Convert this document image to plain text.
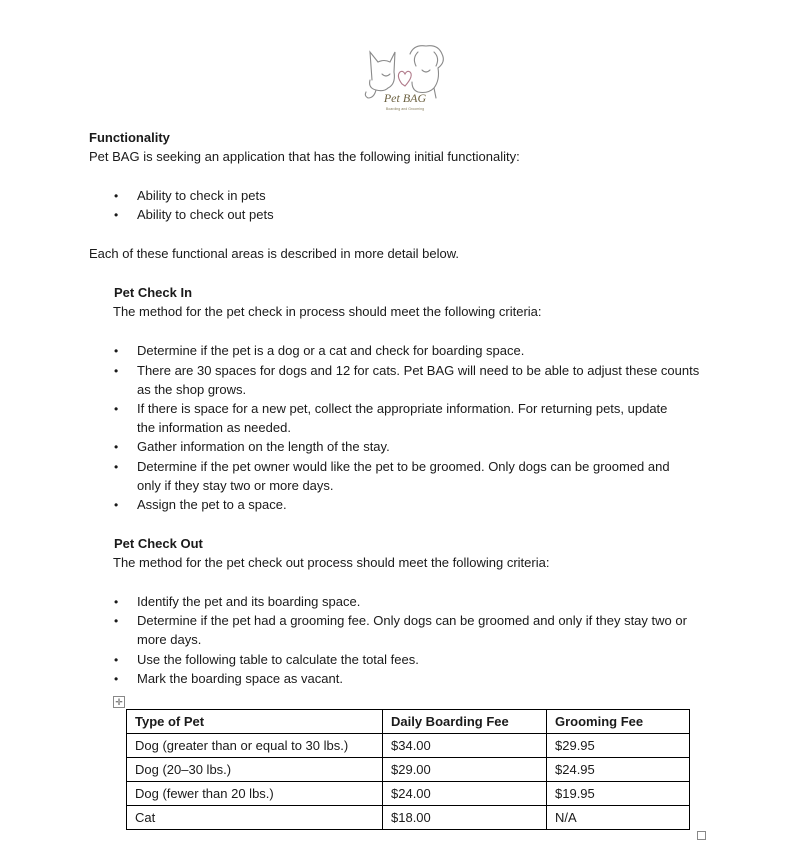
Pet BAG
Boarding and Grooming
Functionality
Pet BAG is seeking an application that has the following initial functionality:
• Ability to check in pets
• Ability to check out pets
Each of these functional areas is described in more detail below.
Pet Check In
The method for the pet check in process should meet the following criteria:
• Determine if the pet is a dog or a cat and check for boarding space.
• There are 30 spaces for dogs and 12 for cats. Pet BAG will need to be able to adjust these counts
as the shop grows.
• If there is space for a new pet, collect the appropriate information. For returning pets, update
the information as needed.
• Gather information on the length of the stay.
• Determine if the pet owner would like the pet to be groomed. Only dogs can be groomed and
only if they stay two or more days.
• Assign the pet to a space.
Pet Check Out
The method for the pet check out process should meet the following criteria:
• Identify the pet and its boarding space.
• Determine if the pet had a grooming fee. Only dogs can be groomed and only if they stay two or
more days.
• Use the following table to calculate the total fees.
• Mark the boarding space as vacant.
✛
Type of Pet	Daily Boarding Fee	Grooming Fee
Dog (greater than or equal to 30 lbs.)	$34.00	$29.95
Dog (20–30 lbs.)	$29.00	$24.95
Dog (fewer than 20 lbs.)	$24.00	$19.95
Cat	$18.00	N/A
